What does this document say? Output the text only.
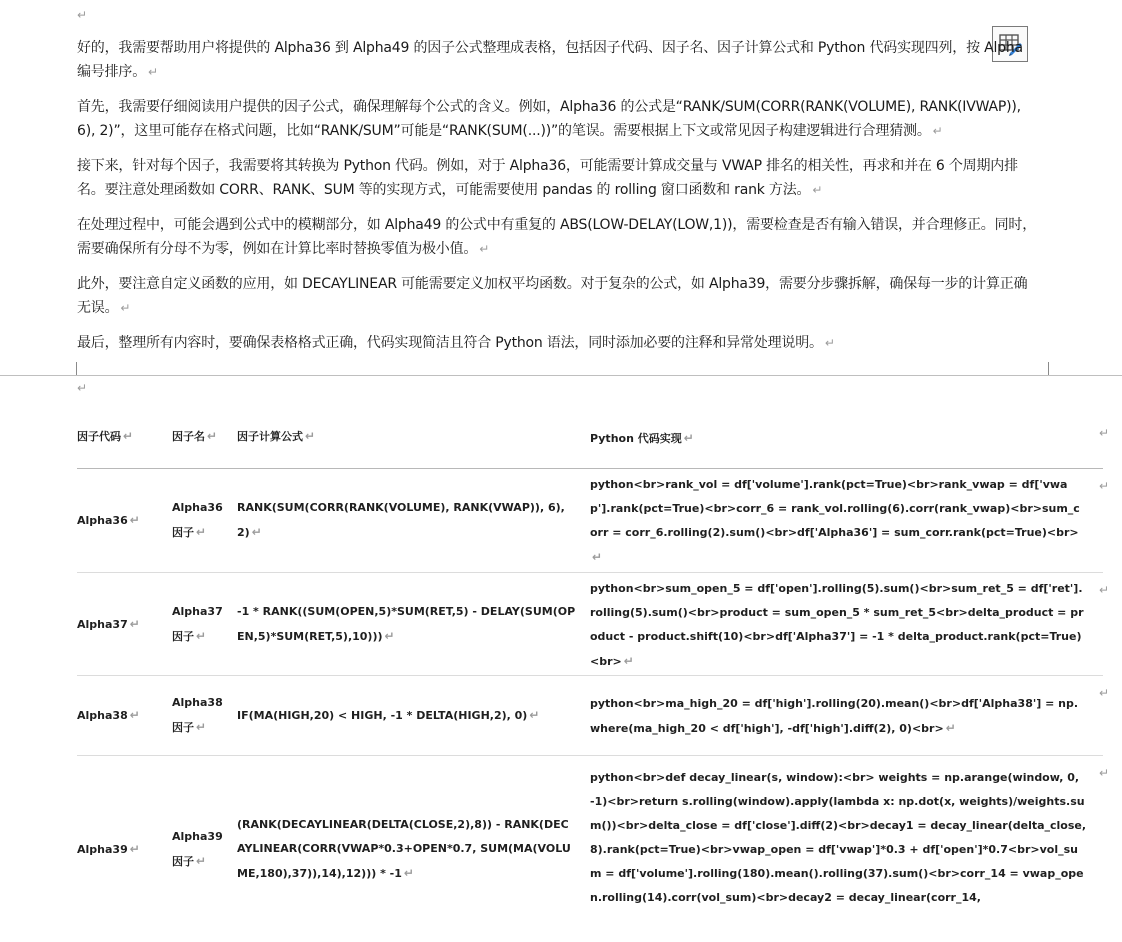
↵

好的，我需要帮助用户将提供的 Alpha36 到 Alpha49 的因子公式整理成表格，包括因子代码、因子名、因子计算公式和 Python 代码实现四列，按 Alpha 编号排序。 ↵

首先，我需要仔细阅读用户提供的因子公式，确保理解每个公式的含义。例如，Alpha36 的公式是“RANK/SUM(CORR(RANK(VOLUME), RANK(IVWAP)), 6), 2)”，这里可能存在格式问题，比如“RANK/SUM”可能是“RANK(SUM(...))”的笔误。需要根据上下文或常见因子构建逻辑进行合理猜测。 ↵

接下来，针对每个因子，我需要将其转换为 Python 代码。例如，对于 Alpha36，可能需要计算成交量与 VWAP 排名的相关性，再求和并在 6 个周期内排名。要注意处理函数如 CORR、RANK、SUM 等的实现方式，可能需要使用 pandas 的 rolling 窗口函数和 rank 方法。 ↵

在处理过程中，可能会遇到公式中的模糊部分，如 Alpha49 的公式中有重复的 ABS(LOW-DELAY(LOW,1))，需要检查是否有输入错误，并合理修正。同时，需要确保所有分母不为零，例如在计算比率时替换零值为极小值。 ↵

此外，要注意自定义函数的应用，如 DECAYLINEAR 可能需要定义加权平均函数。对于复杂的公式，如 Alpha39，需要分步骤拆解，确保每一步的计算正确无误。 ↵

最后，整理所有内容时，要确保表格格式正确，代码实现简洁且符合 Python 语法，同时添加必要的注释和异常处理说明。 ↵

↵
因子代码 ↵	因子名 ↵ 因子计算公式 ↵	Python 代码实现 ↵	↵
Alpha36 ↵
Alpha36 因子 ↵
RANK(SUM(CORR(RANK(VOLUME), RANK(VWAP)), 6), 2) ↵
python<br>rank_vol = df['volume'].rank(pct=True)<br>rank_vwap = df['vwap'].rank(pct=True)<br>corr_6 = rank_vol.rolling(6).corr(rank_vwap)<br>sum_corr = corr_6.rolling(2).sum()<br>df['Alpha36'] = sum_corr.rank(pct=True)<br>↵
↵
Alpha37 ↵
Alpha37 因子 ↵
-1 * RANK((SUM(OPEN,5)*SUM(RET,5) - DELAY(SUM(OPEN,5)*SUM(RET,5),10))) ↵
python<br>sum_open_5 = df['open'].rolling(5).sum()<br>sum_ret_5 = df['ret'].rolling(5).sum()<br>product = sum_open_5 * sum_ret_5<br>delta_product = product - product.shift(10)<br>df['Alpha37'] = -1 * delta_product.rank(pct=True)<br> ↵
↵
Alpha38 ↵
Alpha38 因子 ↵
IF(MA(HIGH,20) < HIGH, -1 * DELTA(HIGH,2), 0) ↵
python<br>ma_high_20 = df['high'].rolling(20).mean()<br>df['Alpha38'] = np.where(ma_high_20 < df['high'], -df['high'].diff(2), 0)<br> ↵
↵
Alpha39 ↵
Alpha39 因子 ↵
(RANK(DECAYLINEAR(DELTA(CLOSE,2),8)) - RANK(DECAYLINEAR(CORR(VWAP*0.3+OPEN*0.7, SUM(MA(VOLUME,180),37)),14),12))) * -1 ↵
python<br>def decay_linear(s, window):<br> weights = np.arange(window, 0, -1)<br>return s.rolling(window).apply(lambda x: np.dot(x, weights)/weights.sum())<br>delta_close = df['close'].diff(2)<br>decay1 = decay_linear(delta_close, 8).rank(pct=True)<br>vwap_open = df['vwap']*0.3 + df['open']*0.7<br>vol_sum = df['volume'].rolling(180).mean().rolling(37).sum()<br>corr_14 = vwap_open.rolling(14).corr(vol_sum)<br>decay2 = decay_linear(corr_14,
↵
